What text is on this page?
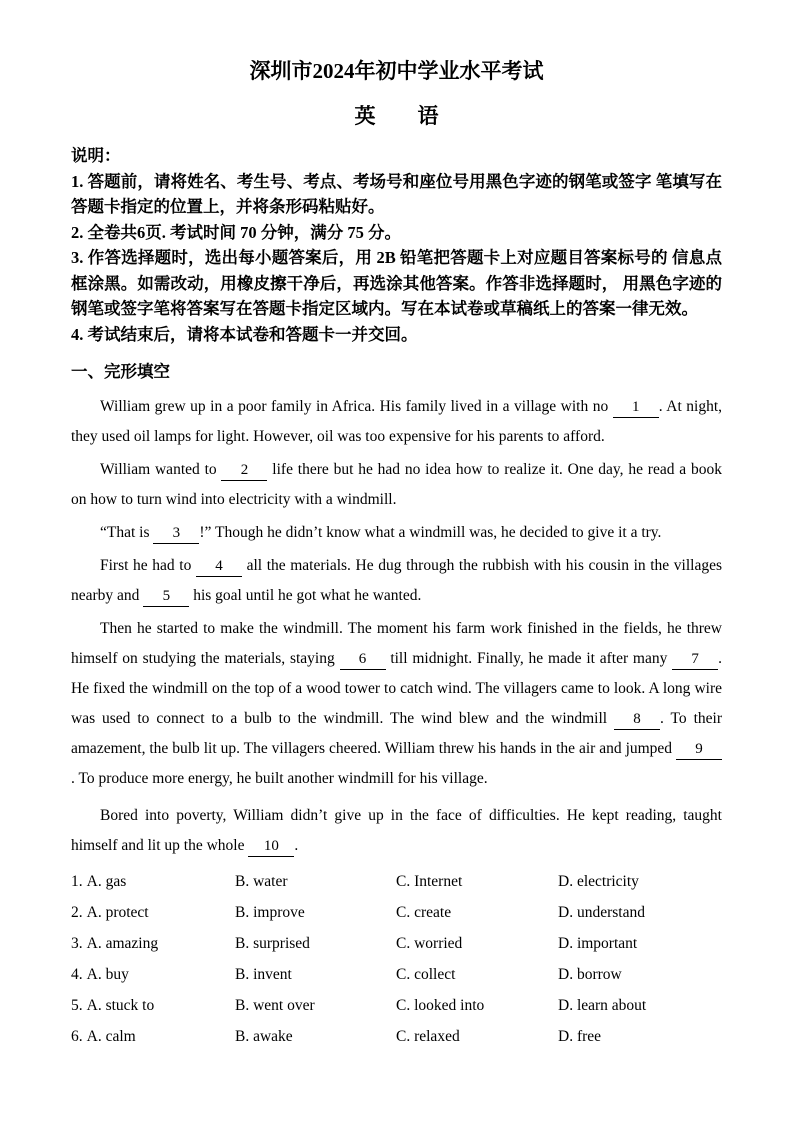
深圳市2024年初中学业水平考试
英　　语

说明：

1. 答题前，请将姓名、考生号、考点、考场号和座位号用黑色字迹的钢笔或签字 笔填写在答题卡指定的位置上，并将条形码粘贴好。

2. 全卷共6页. 考试时间 70 分钟，满分 75 分。

3. 作答选择题时，选出每小题答案后，用 2B 铅笔把答题卡上对应题目答案标号的 信息点框涂黑。如需改动，用橡皮擦干净后，再选涂其他答案。作答非选择题时， 用黑色字迹的钢笔或签字笔将答案写在答题卡指定区域内。写在本试卷或草稿纸上的答案一律无效。

4. 考试结束后，请将本试卷和答题卡一并交回。

一、完形填空

William grew up in a poor family in Africa. His family lived in a village with no   1  . At night, they used oil lamps for light. However, oil was too expensive for his parents to afford.

William wanted to   2   life there but he had no idea how to realize it. One day, he read a book on how to turn wind into electricity with a windmill.

“That is   3  !” Though he didn’t know what a windmill was, he decided to give it a try.

First he had to   4   all the materials. He dug through the rubbish with his cousin in the villages nearby and   5   his goal until he got what he wanted.

Then he started to make the windmill. The moment his farm work finished in the fields, he threw himself on studying the materials, staying   6   till midnight. Finally, he made it after many   7  . He fixed the windmill on the top of a wood tower to catch wind. The villagers came to look. A long wire was used to connect to a bulb to the windmill. The wind blew and the windmill   8  . To their amazement, the bulb lit up. The villagers cheered. William threw his hands in the air and jumped   9  . To produce more energy, he built another windmill for his village.

Bored into poverty, William didn’t give up in the face of difficulties. He kept reading, taught himself and lit up the whole   10  .

1. A. gas	B. water	C. Internet	D. electricity
2. A. protect	B. improve	C. create	D. understand
3. A. amazing	B. surprised	C. worried	D. important
4. A. buy	B. invent	C. collect	D. borrow
5. A. stuck to	B. went over	C. looked into	D. learn about
6. A. calm	B. awake	C. relaxed	D. free
